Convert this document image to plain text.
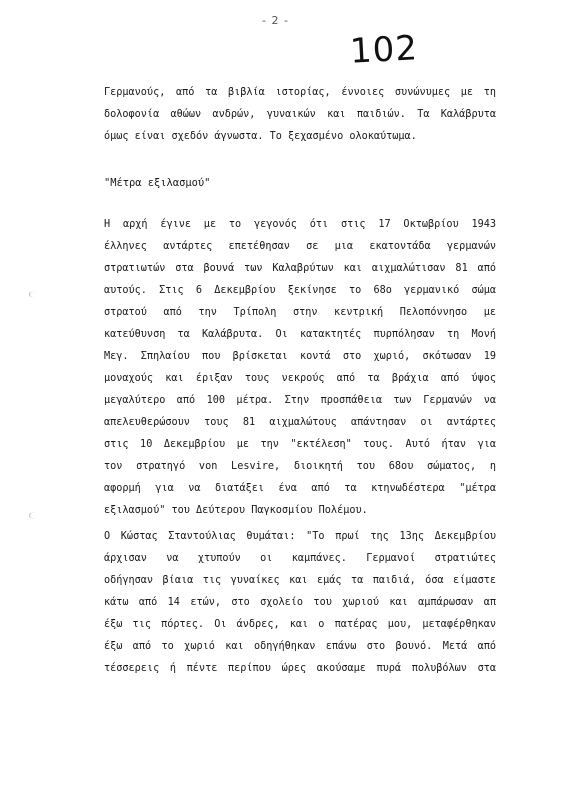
- 2 -
102
Γερμανούς, από τα βιβλία ιστορίας, έννοιες συνώνυμες με τη
δολοφονία αθώων ανδρών, γυναικών και παιδιών. Τα Καλάβρυτα
όμως είναι σχεδόν άγνωστα. Το ξεχασμένο ολοκαύτωμα.
"Μέτρα εξιλασμού"
Η αρχή έγινε με το γεγονός ότι στις 17 Οκτωβρίου 1943
έλληνες αντάρτες επετέθησαν σε μια εκατοντάδα γερμανών
στρατιωτών στα βουνά των Καλαβρύτων και αιχμαλώτισαν 81 από
αυτούς. Στις 6 Δεκεμβρίου ξεκίνησε το 68ο γερμανικό σώμα
στρατού από την Τρίπολη στην κεντρική Πελοπόννησο με
κατεύθυνση τα Καλάβρυτα. Οι κατακτητές πυρπόλησαν τη Μονή
Μεγ. Σπηλαίου που βρίσκεται κοντά στο χωριό, σκότωσαν 19
μοναχούς και έριξαν τους νεκρούς από τα βράχια από ύψος
μεγαλύτερο από 100 μέτρα. Στην προσπάθεια των Γερμανών να
απελευθερώσουν τους 81 αιχμαλώτους απάντησαν οι αντάρτες
στις 10 Δεκεμβρίου με την "εκτέλεση" τους. Αυτό ήταν για
τον στρατηγό von Lesvire, διοικητή του 68ου σώματος, η
αφορμή για να διατάξει ένα από τα κτηνωδέστερα "μέτρα
εξιλασμού" του Δεύτερου Παγκοσμίου Πολέμου.
Ο Κώστας Σταντούλιας θυμάται: "Το πρωί της 13ης Δεκεμβρίου
άρχισαν να χτυπούν οι καμπάνες. Γερμανοί στρατιώτες
οδήγησαν βίαια τις γυναίκες και εμάς τα παιδιά, όσα είμαστε
κάτω από 14 ετών, στο σχολείο του χωριού και αμπάρωσαν απ
έξω τις πόρτες. Οι άνδρες, και ο πατέρας μου, μεταφέρθηκαν
έξω από το χωριό και οδηγήθηκαν επάνω στο βουνό. Μετά από
τέσσερεις ή πέντε περίπου ώρες ακούσαμε πυρά πολυβόλων στα
